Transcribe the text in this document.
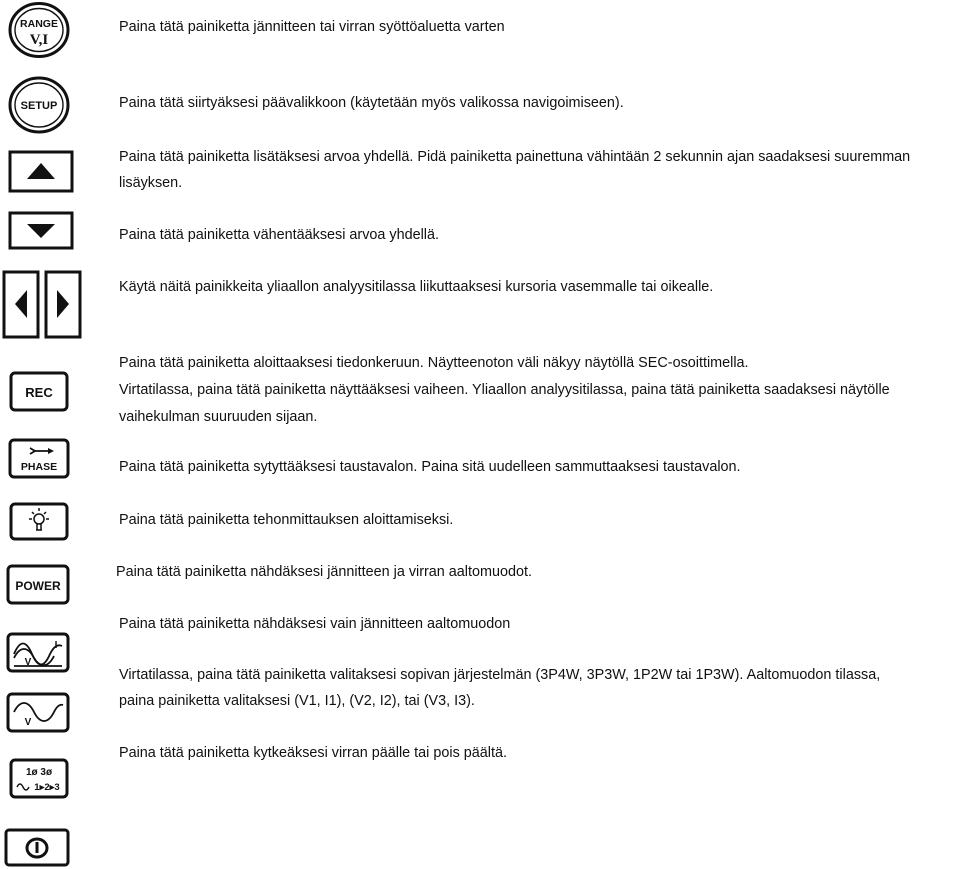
RANGE
V,I
Paina tätä painiketta jännitteen tai virran syöttöaluetta varten
SETUP	Paina tätä siirtyäksesi päävalikkoon (käytetään myös valikossa navigoimiseen).
Paina tätä painiketta lisätäksesi arvoa yhdellä. Pidä painiketta painettuna vähintään 2 sekunnin ajan saadaksesi suuremman
lisäyksen.
Paina tätä painiketta vähentääksesi arvoa yhdellä.
Käytä näitä painikkeita yliaallon analyysitilassa liikuttaaksesi kursoria vasemmalle tai oikealle.
REC
Paina tätä painiketta aloittaaksesi tiedonkeruun. Näytteenoton väli näkyy näytöllä SEC-osoittimella.
Virtatilassa, paina tätä painiketta näyttääksesi vaiheen. Yliaallon analyysitilassa, paina tätä painiketta saadaksesi näytölle
vaihekulman suuruuden sijaan.
PHASE	Paina tätä painiketta sytyttääksesi taustavalon. Paina sitä uudelleen sammuttaaksesi taustavalon.
Paina tätä painiketta tehonmittauksen aloittamiseksi.
POWER
Paina tätä painiketta nähdäksesi jännitteen ja virran aaltomuodot.
V
I
Paina tätä painiketta nähdäksesi vain jännitteen aaltomuodon
V
Virtatilassa, paina tätä painiketta valitaksesi sopivan järjestelmän (3P4W, 3P3W, 1P2W tai 1P3W). Aaltomuodon tilassa,
paina painiketta valitaksesi (V1, I1), (V2, I2), tai (V3, I3).
1ø 3ø
1▸2▸3
Paina tätä painiketta kytkeäksesi virran päälle tai pois päältä.
